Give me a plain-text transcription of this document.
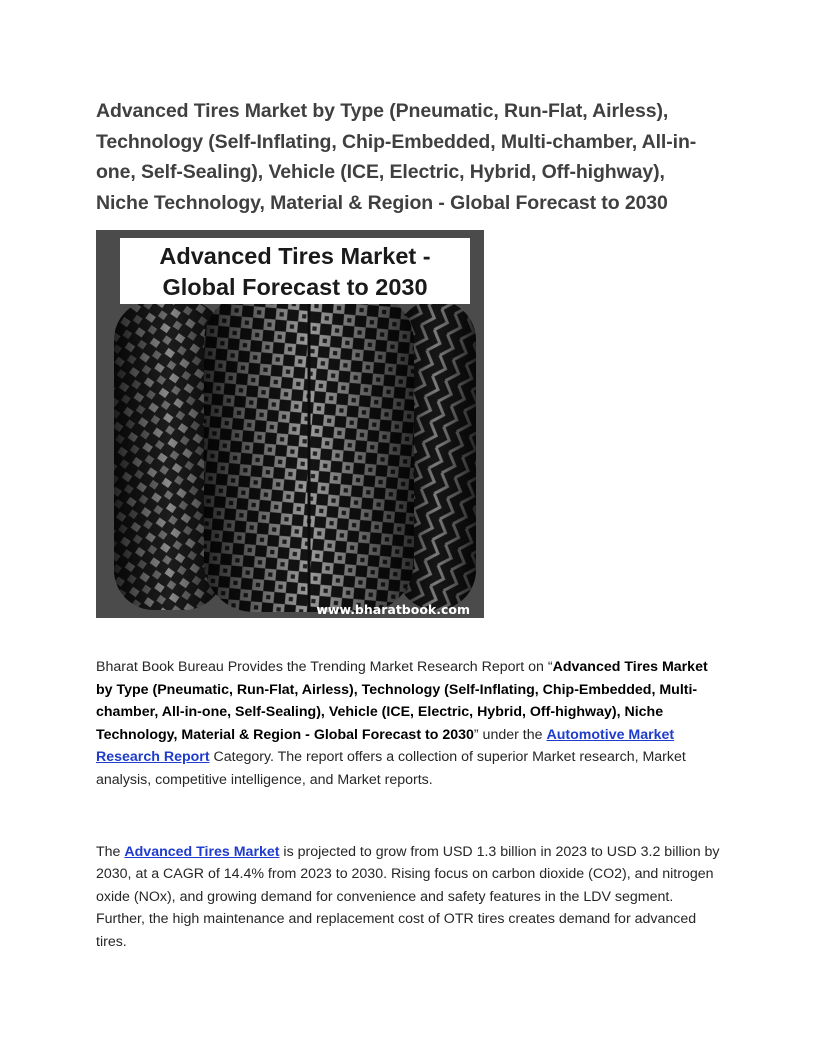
Advanced Tires Market by Type (Pneumatic, Run-Flat, Airless), Technology (Self-Inflating, Chip-Embedded, Multi-chamber, All-in-one, Self-Sealing), Vehicle (ICE, Electric, Hybrid, Off-highway), Niche Technology, Material & Region - Global Forecast to 2030
Advanced Tires Market -
Global Forecast to 2030
www.bharatbook.com

Bharat Book Bureau Provides the Trending Market Research Report on “Advanced Tires Market by Type (Pneumatic, Run-Flat, Airless), Technology (Self-Inflating, Chip-Embedded, Multi-chamber, All-in-one, Self-Sealing), Vehicle (ICE, Electric, Hybrid, Off-highway), Niche Technology, Material & Region - Global Forecast to 2030” under the Automotive Market Research Report Category. The report offers a collection of superior Market research, Market analysis, competitive intelligence, and Market reports.

The Advanced Tires Market is projected to grow from USD 1.3 billion in 2023 to USD 3.2 billion by 2030, at a CAGR of 14.4% from 2023 to 2030. Rising focus on carbon dioxide (CO2), and nitrogen oxide (NOx), and growing demand for convenience and safety features in the LDV segment. Further, the high maintenance and replacement cost of OTR tires creates demand for advanced tires.
